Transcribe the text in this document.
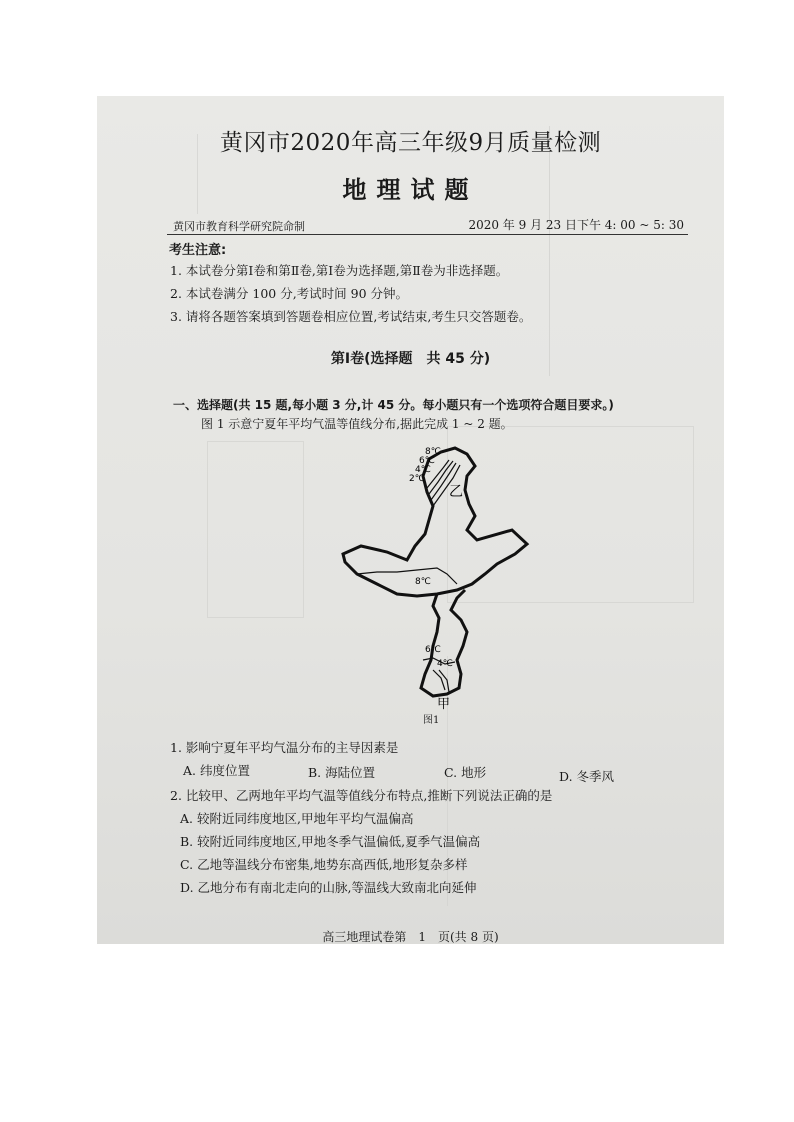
黄冈市2020年高三年级9月质量检测
地理试题
黄冈市教育科学研究院命制	2020 年 9 月 23 日下午 4: 00 ~ 5: 30
考生注意:
1. 本试卷分第Ⅰ卷和第Ⅱ卷,第Ⅰ卷为选择题,第Ⅱ卷为非选择题。
2. 本试卷满分 100 分,考试时间 90 分钟。
3. 请将各题答案填到答题卷相应位置,考试结束,考生只交答题卷。
第Ⅰ卷(选择题　共 45 分)
一、选择题(共 15 题,每小题 3 分,计 45 分。每小题只有一个选项符合题目要求。)
图 1 示意宁夏年平均气温等值线分布,据此完成 1 ~ 2 题。
8℃
6℃
4℃
2℃
乙
8℃
6℃
4℃
甲
图1
1. 影响宁夏年平均气温分布的主导因素是
A. 纬度位置	B. 海陆位置	C. 地形	D. 冬季风
2. 比较甲、乙两地年平均气温等值线分布特点,推断下列说法正确的是
A. 较附近同纬度地区,甲地年平均气温偏高
B. 较附近同纬度地区,甲地冬季气温偏低,夏季气温偏高
C. 乙地等温线分布密集,地势东高西低,地形复杂多样
D. 乙地分布有南北走向的山脉,等温线大致南北向延伸
高三地理试卷第　1　页(共 8 页)
